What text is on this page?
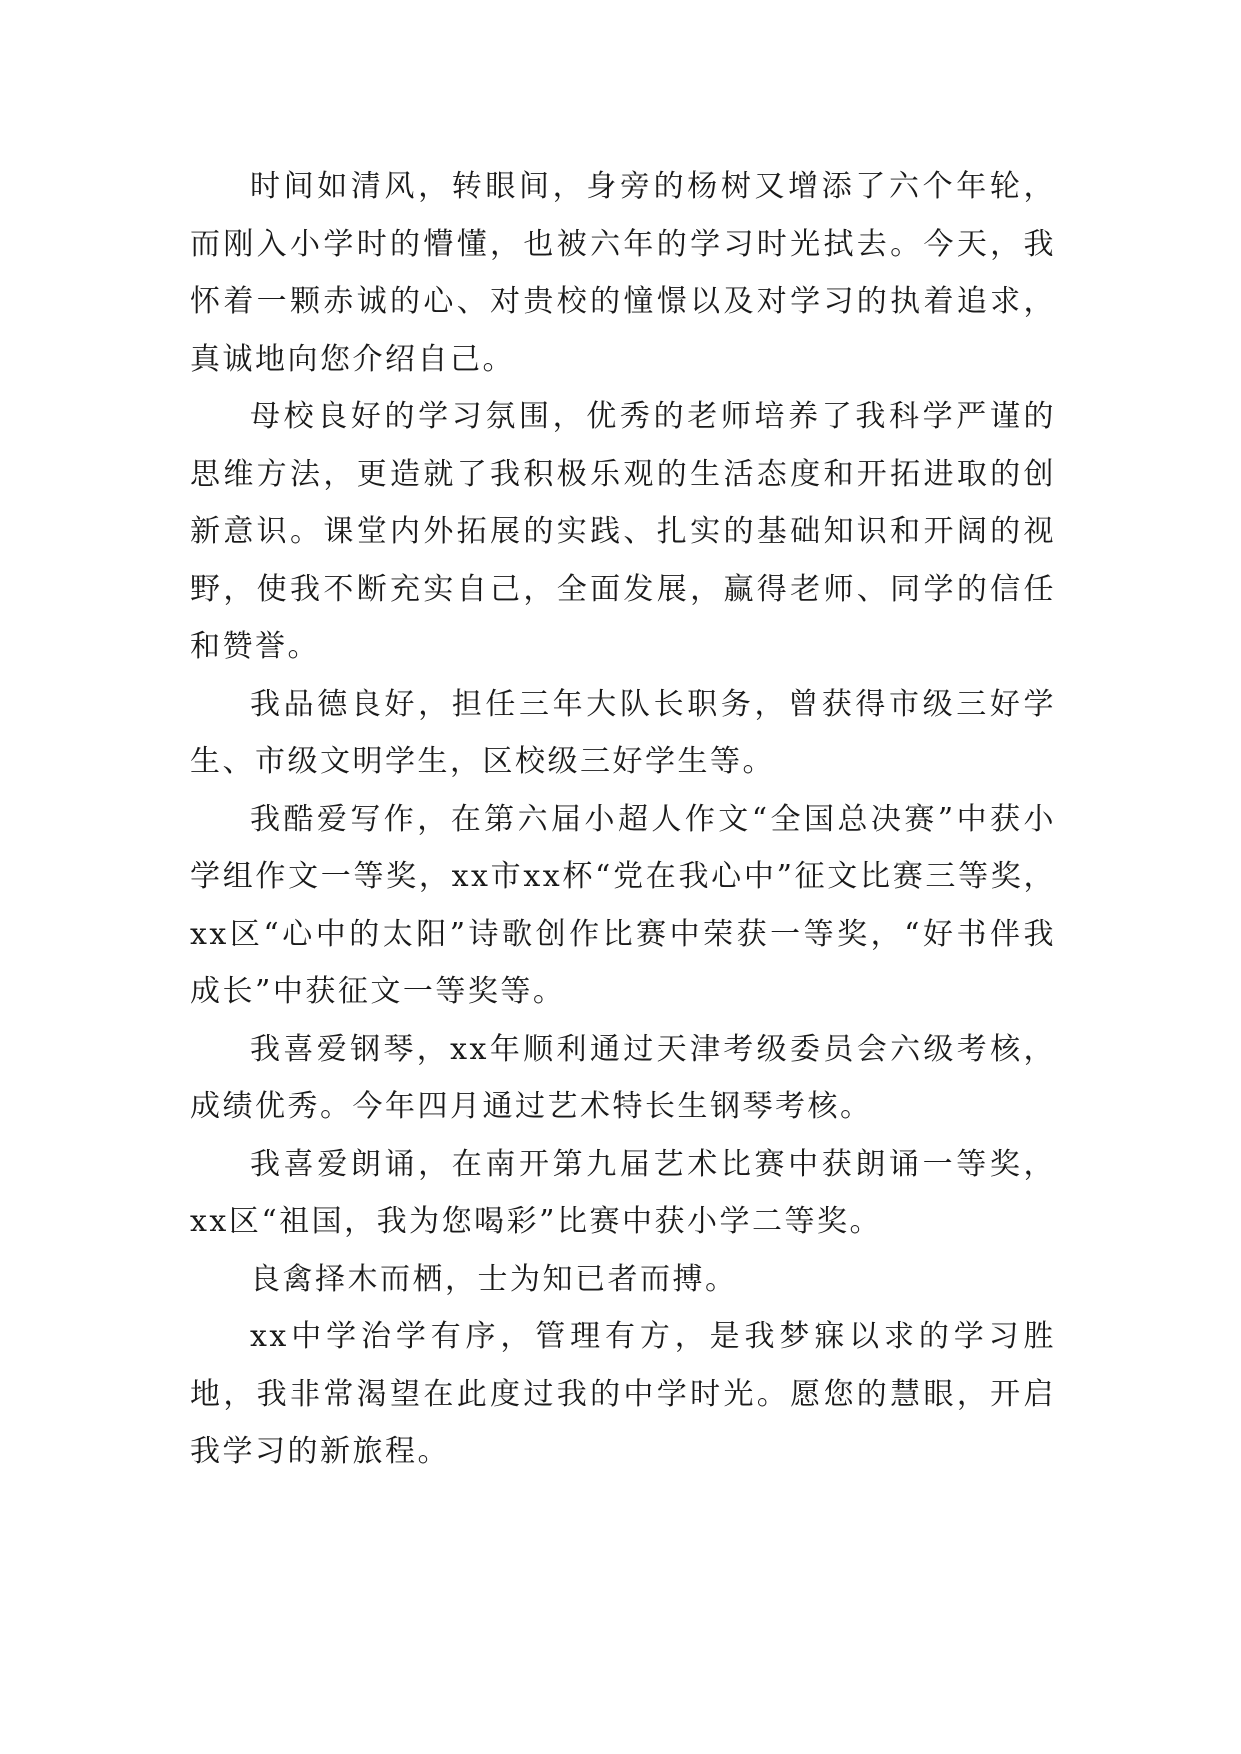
时间如清风，转眼间，身旁的杨树又增添了六个年轮，而刚入小学时的懵懂，也被六年的学习时光拭去。今天，我怀着一颗赤诚的心、对贵校的憧憬以及对学习的执着追求，真诚地向您介绍自己。

母校良好的学习氛围，优秀的老师培养了我科学严谨的思维方法，更造就了我积极乐观的生活态度和开拓进取的创新意识。课堂内外拓展的实践、扎实的基础知识和开阔的视野，使我不断充实自己，全面发展，赢得老师、同学的信任和赞誉。

我品德良好，担任三年大队长职务，曾获得市级三好学生、市级文明学生，区校级三好学生等。

我酷爱写作，在第六届小超人作文“全国总决赛”中获小学组作文一等奖，xx市xx杯“党在我心中”征文比赛三等奖，xx区“心中的太阳”诗歌创作比赛中荣获一等奖，“好书伴我成长”中获征文一等奖等。

我喜爱钢琴，xx年顺利通过天津考级委员会六级考核，成绩优秀。今年四月通过艺术特长生钢琴考核。

我喜爱朗诵，在南开第九届艺术比赛中获朗诵一等奖，xx区“祖国，我为您喝彩”比赛中获小学二等奖。

良禽择木而栖，士为知已者而搏。

xx中学治学有序，管理有方，是我梦寐以求的学习胜地，我非常渴望在此度过我的中学时光。愿您的慧眼，开启我学习的新旅程。
